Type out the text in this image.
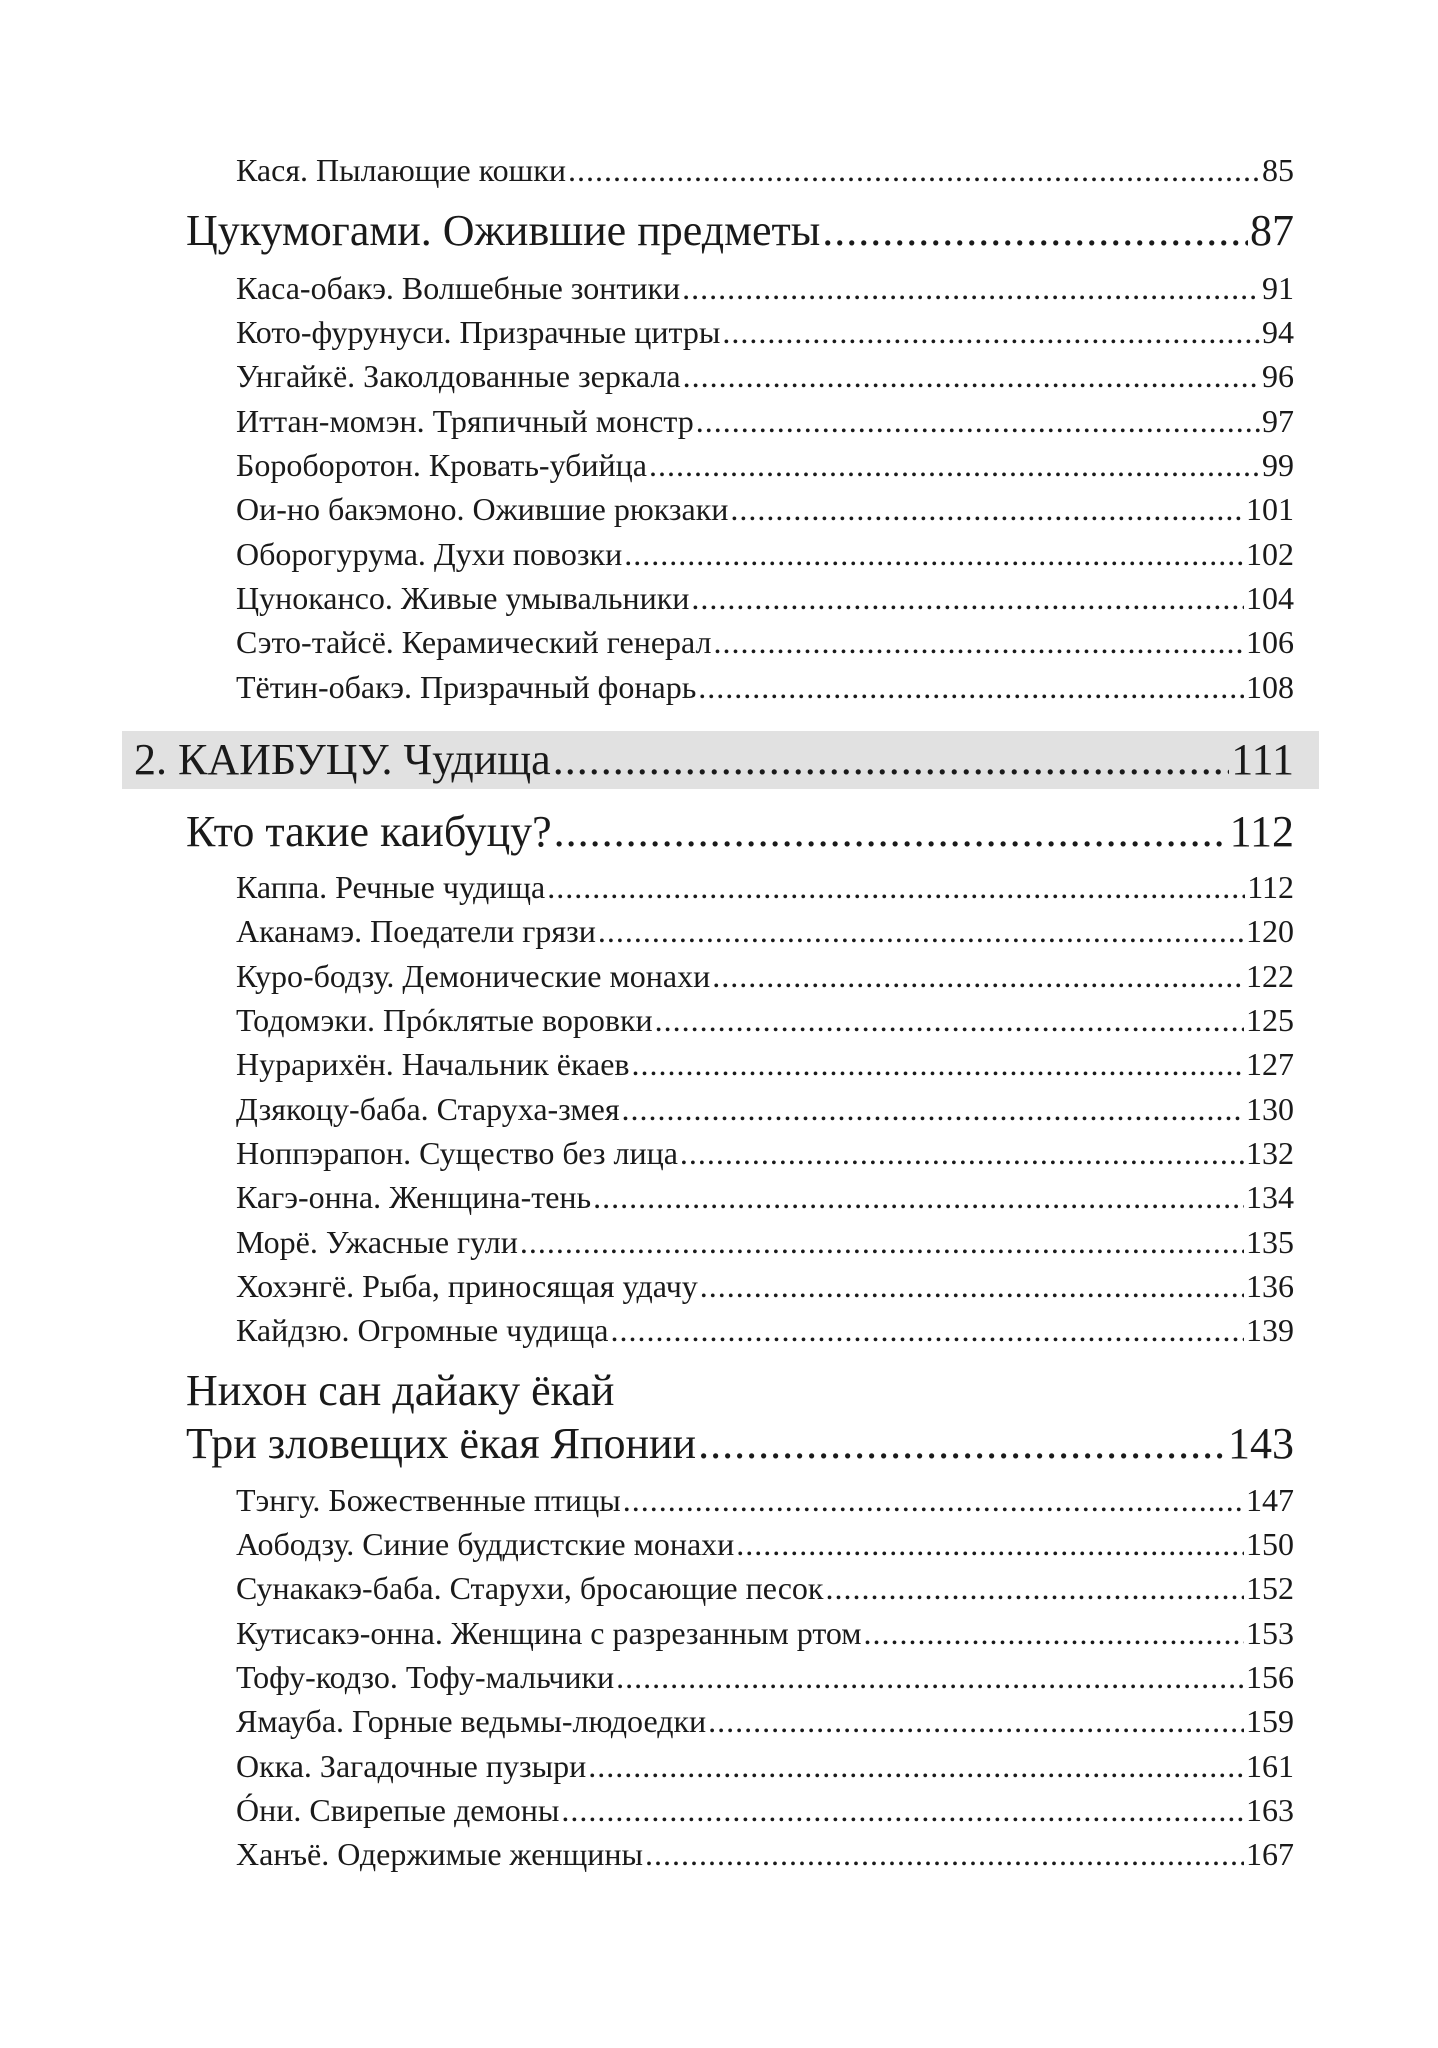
Кася. Пылающие кошки .....	85
Цукумогами. Ожившие предметы .....	87
Каса-обакэ. Волшебные зонтики .....	91
Кото-фурунуси. Призрачные цитры .....	94
Унгайкё. Заколдованные зеркала .....	96
Иттан-момэн. Тряпичный монстр .....	97
Бороборотон. Кровать-убийца .....	99
Ои-но бакэмоно. Ожившие рюкзаки .....	101
Оборогурума. Духи повозки .....	102
Цунокансо. Живые умывальники .....	104
Сэто-тайсё. Керамический генерал .....	106
Тётин-обакэ. Призрачный фонарь .....	108
2. КАИБУЦУ. Чудища .....	111
Кто такие каибуцу? .....	112
Каппа. Речные чудища .....	112
Аканамэ. Поедатели грязи .....	120
Куро-бодзу. Демонические монахи .....	122
Тодомэки. Прóклятые воровки .....	125
Нурарихён. Начальник ёкаев .....	127
Дзякоцу-баба. Старуха-змея .....	130
Ноппэрапон. Существо без лица .....	132
Кагэ-онна. Женщина-тень .....	134
Морё. Ужасные гули .....	135
Хохэнгё. Рыба, приносящая удачу .....	136
Кайдзю. Огромные чудища .....	139
Нихон сан дайаку ёкай
Три зловещих ёкая Японии .....	143
Тэнгу. Божественные птицы .....	147
Аободзу. Синие буддистские монахи .....	150
Сунакакэ-баба. Старухи, бросающие песок .....	152
Кутисакэ-онна. Женщина с разрезанным ртом .....	153
Тофу-кодзо. Тофу-мальчики .....	156
Ямауба. Горные ведьмы-людоедки .....	159
Окка. Загадочные пузыри .....	161
Óни. Свирепые демоны .....	163
Ханъё. Одержимые женщины .....	167
